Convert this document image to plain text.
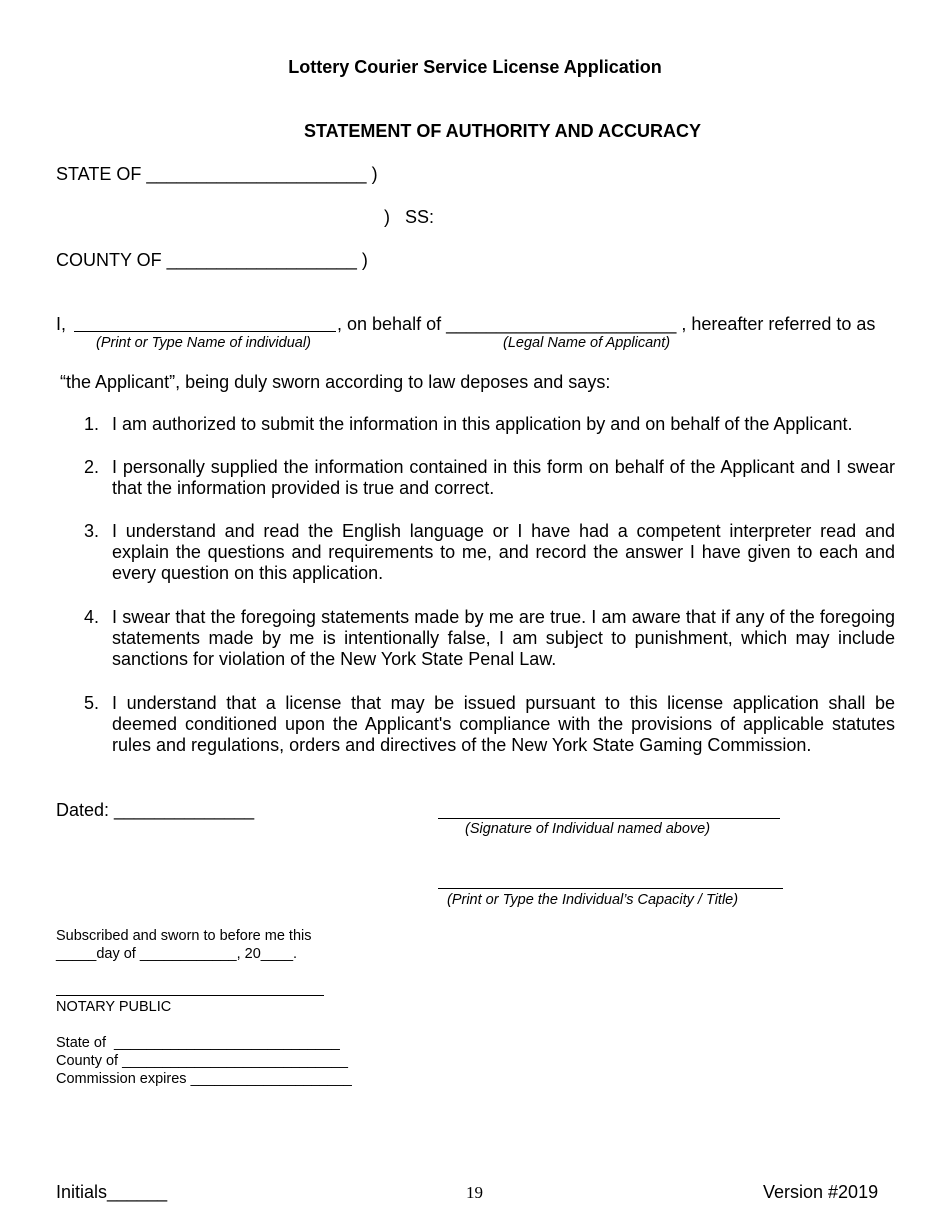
Lottery Courier Service License Application
STATEMENT OF AUTHORITY AND ACCURACY
STATE OF ______________________ )
)   SS:
COUNTY OF ___________________ )
I,	, on behalf of _______________________ , hereafter referred to as
(Print or Type Name of individual)	(Legal Name of Applicant)
“the Applicant”, being duly sworn according to law deposes and says:
1. I am authorized to submit the information in this application by and on behalf of the Applicant.
2. I personally supplied the information contained in this form on behalf of the Applicant and I swear that the information provided is true and correct.
3. I understand and read the English language or I have had a competent interpreter read and explain the questions and requirements to me, and record the answer I have given to each and every question on this application.
4. I swear that the foregoing statements made by me are true. I am aware that if any of the foregoing statements made by me is intentionally false, I am subject to punishment, which may include sanctions for violation of the New York State Penal Law.
5. I understand that a license that may be issued pursuant to this license application shall be deemed conditioned upon the Applicant's compliance with the provisions of applicable statutes rules and regulations, orders and directives of the New York State Gaming Commission.
Dated: ______________
(Signature of Individual named above)
(Print or Type the Individual’s Capacity / Title)
Subscribed and sworn to before me this
_____day of ____________, 20____.
NOTARY PUBLIC
State of  ____________________________
County of ____________________________
Commission expires ____________________
Initials______	19	Version #2019
